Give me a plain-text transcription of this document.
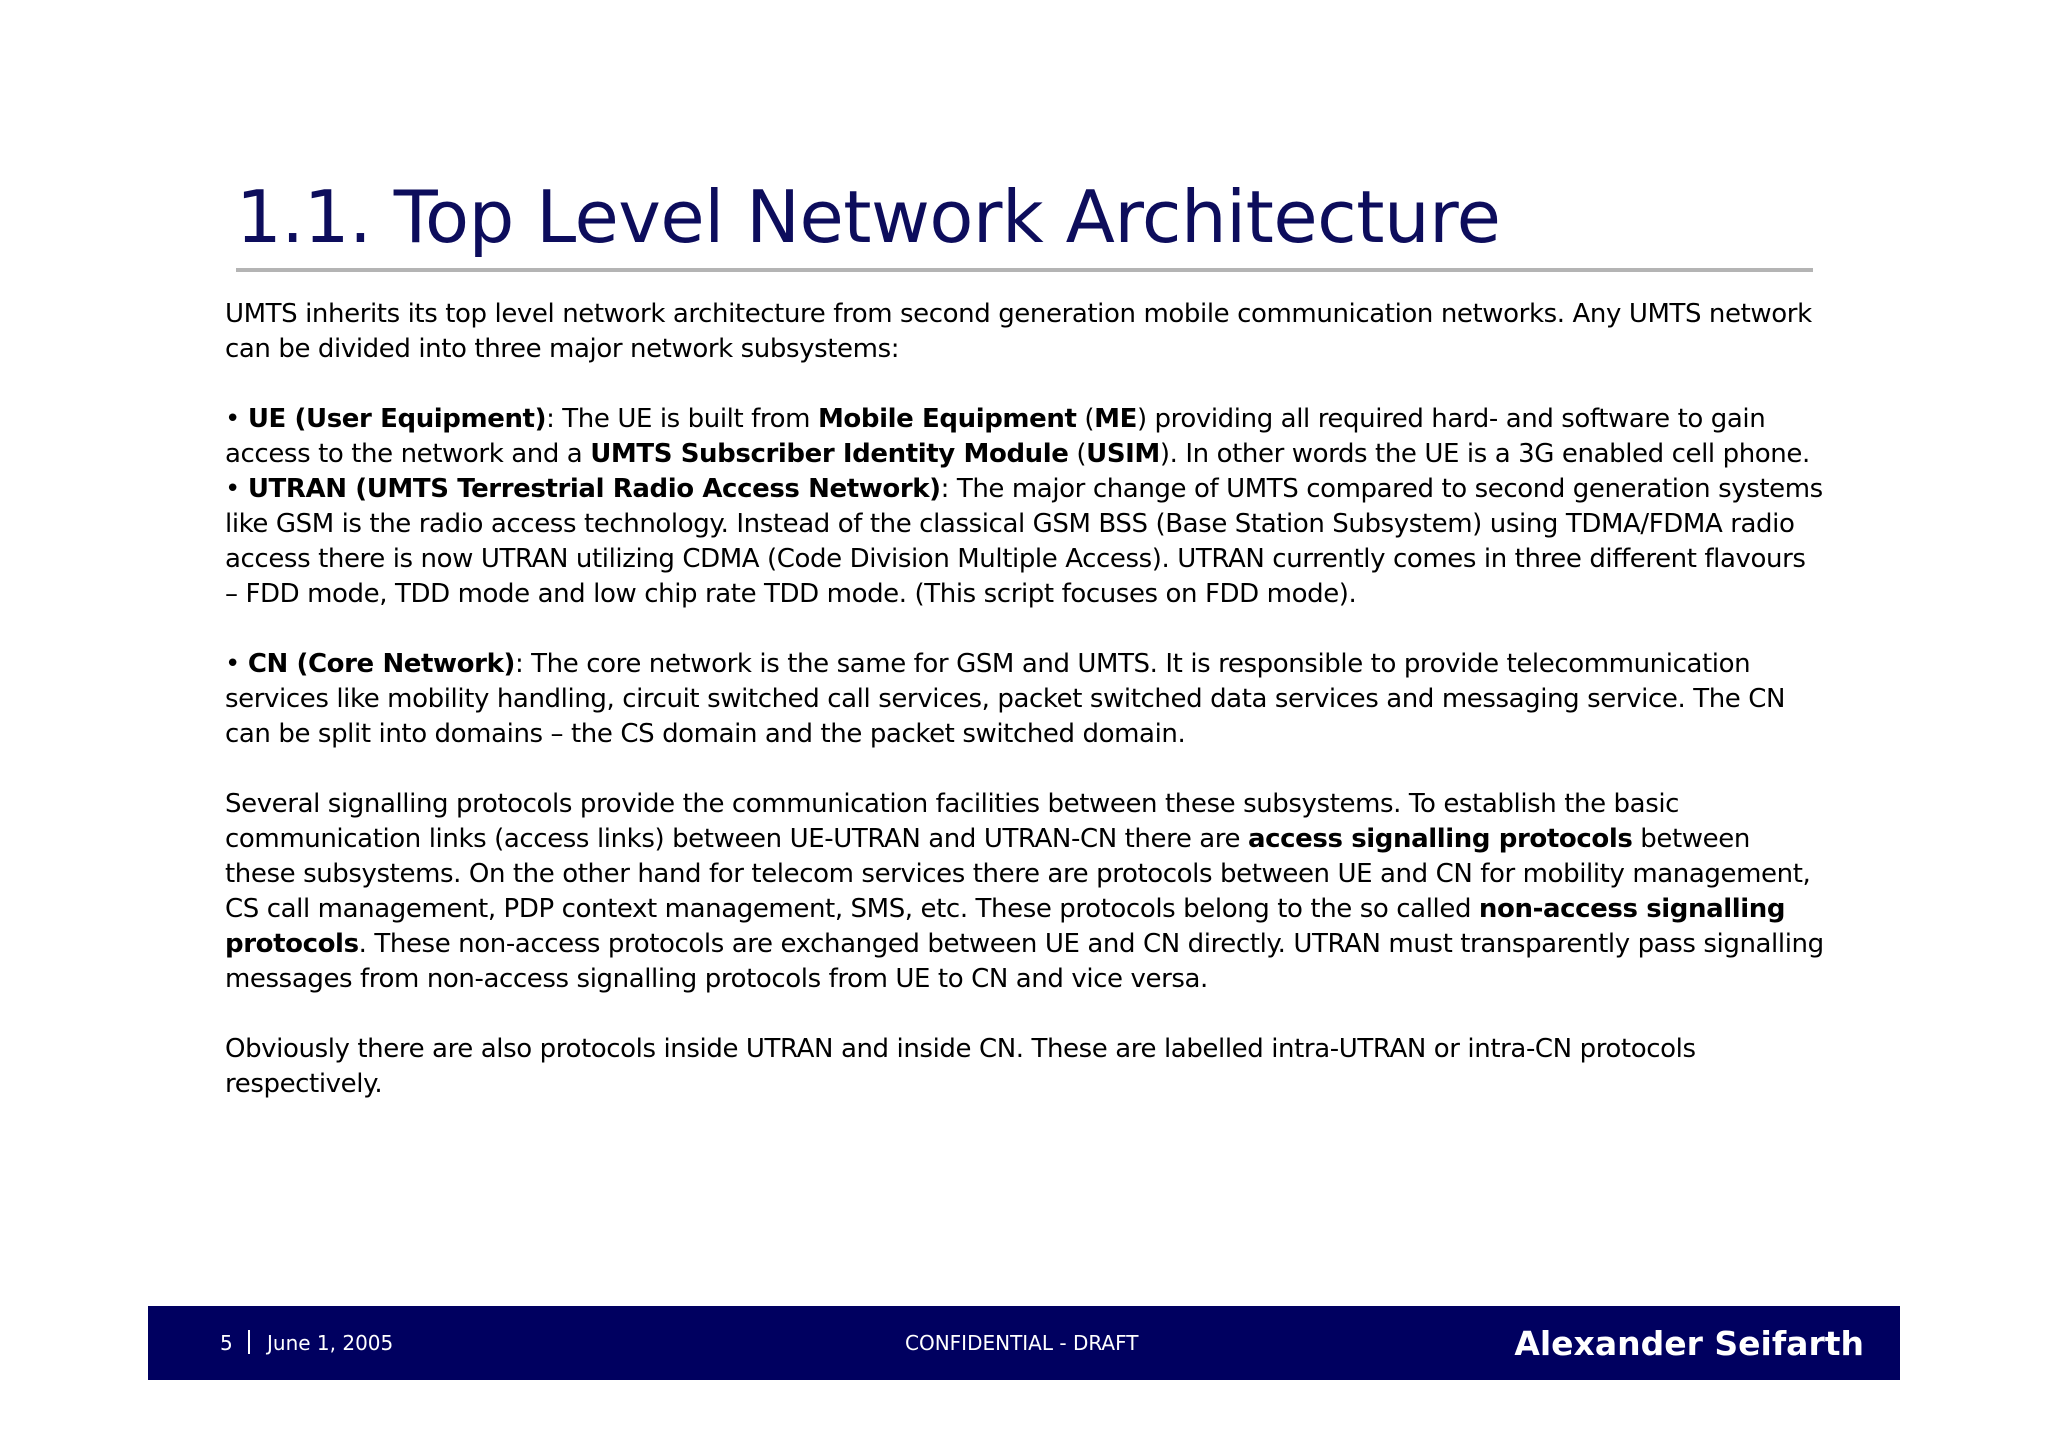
1.1. Top Level Network Architecture

UMTS inherits its top level network architecture from second generation mobile communication networks. Any UMTS network can be divided into three major network subsystems:

• UE (User Equipment): The UE is built from Mobile Equipment (ME) providing all required hard- and software to gain access to the network and a UMTS Subscriber Identity Module (USIM). In other words the UE is a 3G enabled cell phone.

• UTRAN (UMTS Terrestrial Radio Access Network): The major change of UMTS compared to second generation systems like GSM is the radio access technology. Instead of the classical GSM BSS (Base Station Subsystem) using TDMA/FDMA radio access there is now UTRAN utilizing CDMA (Code Division Multiple Access). UTRAN currently comes in three different flavours – FDD mode, TDD mode and low chip rate TDD mode. (This script focuses on FDD mode).

• CN (Core Network): The core network is the same for GSM and UMTS. It is responsible to provide telecommunication services like mobility handling, circuit switched call services, packet switched data services and messaging service. The CN can be split into domains – the CS domain and the packet switched domain.

Several signalling protocols provide the communication facilities between these subsystems. To establish the basic communication links (access links) between UE-UTRAN and UTRAN-CN there are access signalling protocols between these subsystems. On the other hand for telecom services there are protocols between UE and CN for mobility management, CS call management, PDP context management, SMS, etc. These protocols belong to the so called non-access signalling protocols. These non-access protocols are exchanged between UE and CN directly. UTRAN must transparently pass signalling messages from non-access signalling protocols from UE to CN and vice versa.

Obviously there are also protocols inside UTRAN and inside CN. These are labelled intra-UTRAN or intra-CN protocols respectively.

5 June 1, 2005	CONFIDENTIAL - DRAFT	Alexander Seifarth
